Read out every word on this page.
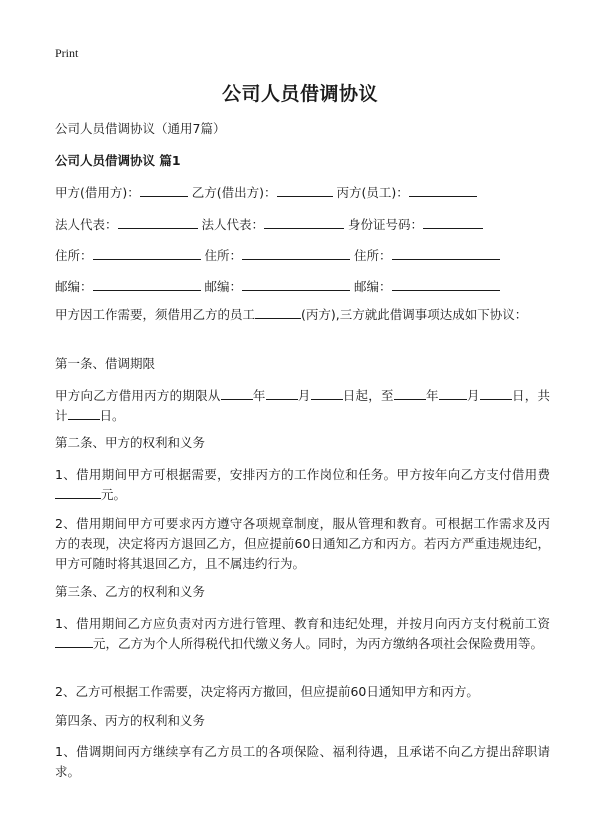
Print
公司人员借调协议
公司人员借调协议（通用7篇）
公司人员借调协议 篇1
甲方(借用方)：	乙方(借出方)：	丙方(员工)：
法人代表：	法人代表：	身份证号码：
住所：	住所：	住所：
邮编：	邮编：	邮编：

甲方因工作需要，须借用乙方的员工	(丙方),三方就此借调事项达成如下协议：

第一条、借调期限

甲方向乙方借用丙方的期限从	年	月	日起，至	年 月	日，共计	日。

第二条、甲方的权利和义务

1、借用期间甲方可根据需要，安排丙方的工作岗位和任务。甲方按年向乙方支付借用费元。

2、借用期间甲方可要求丙方遵守各项规章制度，服从管理和教育。可根据工作需求及丙方的表现，决定将丙方退回乙方，但应提前60日通知乙方和丙方。若丙方严重违规违纪，甲方可随时将其退回乙方，且不属违约行为。

第三条、乙方的权利和义务

1、借用期间乙方应负责对丙方进行管理、教育和违纪处理，并按月向丙方支付税前工资元，乙方为个人所得税代扣代缴义务人。同时，为丙方缴纳各项社会保险费用等。

2、乙方可根据工作需要，决定将丙方撤回，但应提前60日通知甲方和丙方。

第四条、丙方的权利和义务

1、借调期间丙方继续享有乙方员工的各项保险、福利待遇，且承诺不向乙方提出辞职请求。
